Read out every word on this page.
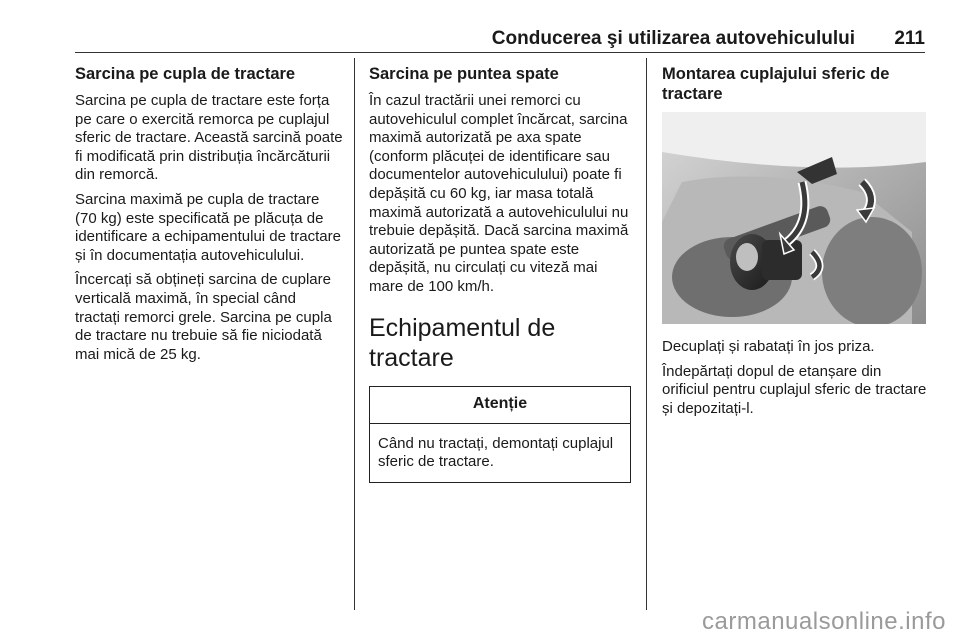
Conducerea şi utilizarea autovehiculului 211
Sarcina pe cupla de tractare

Sarcina pe cupla de tractare este forța pe care o exercită remorca pe cuplajul sferic de tractare. Această sarcină poate fi modificată prin distribuția încărcăturii din remorcă.

Sarcina maximă pe cupla de tractare (70 kg) este specificată pe plăcuța de identificare a echipamentului de tractare și în documentația autovehiculului.

Încercați să obțineți sarcina de cuplare verticală maximă, în special când tractați remorci grele. Sarcina pe cupla de tractare nu trebuie să fie niciodată mai mică de 25 kg.

Sarcina pe puntea spate

În cazul tractării unei remorci cu autovehiculul complet încărcat, sarcina maximă autorizată pe axa spate (conform plăcuței de identificare sau documentelor autovehiculului) poate fi depășită cu 60 kg, iar masa totală maximă autorizată a autovehiculului nu trebuie depășită. Dacă sarcina maximă autorizată pe puntea spate este depășită, nu circulați cu viteză mai mare de 100 km/h.

Echipamentul de tractare
Atenție
Când nu tractați, demontați cuplajul sferic de tractare.
Montarea cuplajului sferic de tractare

Decuplați și rabatați în jos priza.

Îndepărtați dopul de etanșare din orificiul pentru cuplajul sferic de tractare și depozitați-l.

carmanualsonline.info
